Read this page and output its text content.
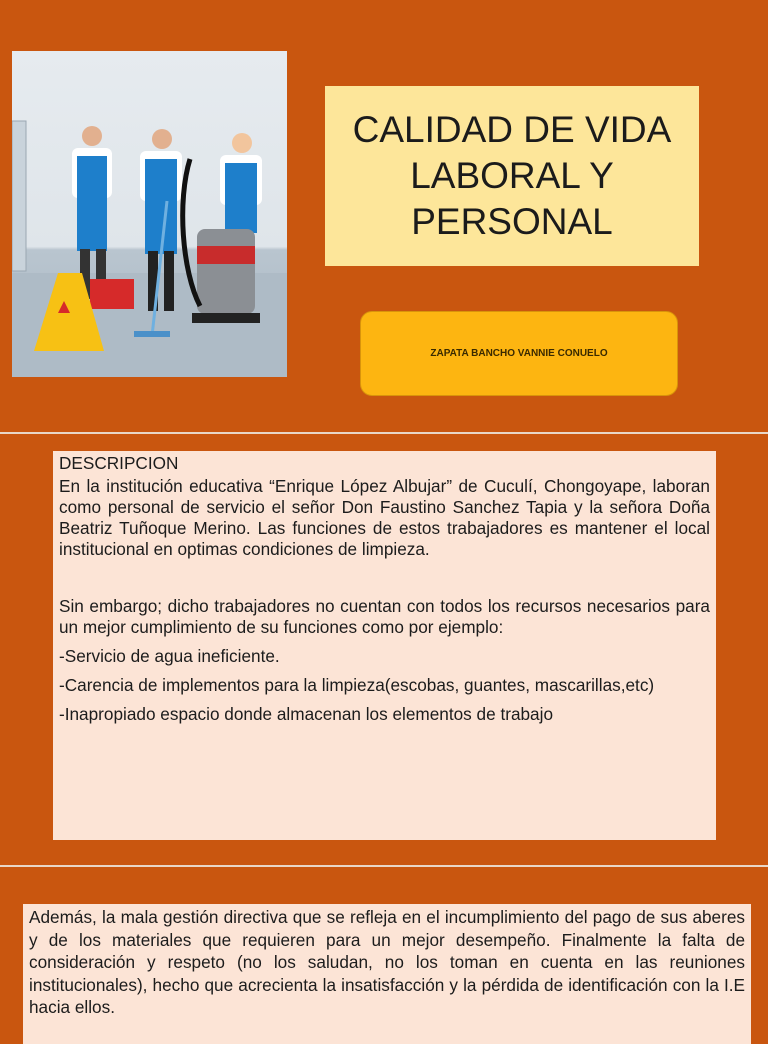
CALIDAD DE VIDA
LABORAL Y
PERSONAL
ZAPATA BANCHO VANNIE CONUELO

DESCRIPCION

En la institución educativa “Enrique López Albujar” de Cuculí, Chongoyape, laboran como personal de servicio el señor Don Faustino Sanchez Tapia y la señora Doña Beatriz Tuñoque Merino. Las funciones de estos trabajadores es mantener el local institucional en optimas condiciones de limpieza.

Sin embargo; dicho trabajadores no cuentan con todos los recursos necesarios para un mejor cumplimiento de su funciones como por ejemplo:

-Servicio de agua ineficiente.

-Carencia de implementos para la limpieza(escobas, guantes, mascarillas,etc)

-Inapropiado espacio donde almacenan los elementos de trabajo

Además, la mala gestión directiva que se refleja en el incumplimiento del pago de sus aberes y de los materiales que requieren para un mejor desempeño. Finalmente la falta de consideración y respeto (no los saludan, no los toman en cuenta en las reuniones institucionales), hecho que acrecienta la insatisfacción y la pérdida de identificación con la I.E hacia ellos.
